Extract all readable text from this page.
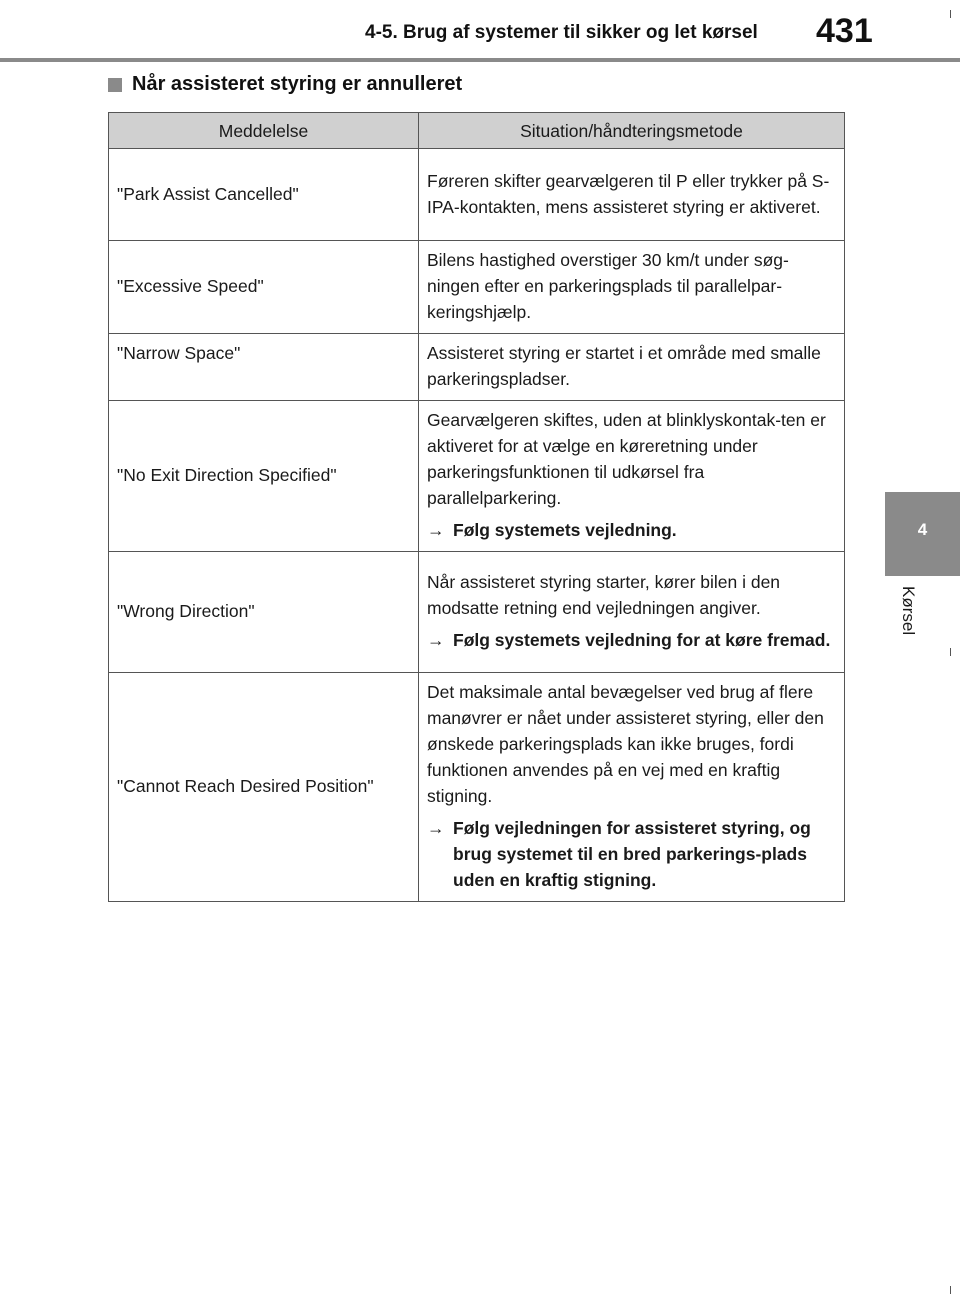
4-5. Brug af systemer til sikker og let kørsel 431
4
Kørsel
Når assisteret styring er annulleret
Meddelelse	Situation/håndteringsmetode
"Park Assist Cancelled"	Føreren skifter gearvælgeren til P eller trykker på S-IPA-kontakten, mens assisteret styring er aktiveret.

"Excessive Speed"	Bilens hastighed overstiger 30 km/t under søg-ningen efter en parkeringsplads til parallelpar-keringshjælp.

"Narrow Space"	Assisteret styring er startet i et område med smalle parkeringspladser.

"No Exit Direction Specified"	Gearvælgeren skiftes, uden at blinklyskontak-ten er aktiveret for at vælge en køreretning under parkeringsfunktionen til udkørsel fra parallelparkering.
→ Følg systemets vejledning.

"Wrong Direction"	Når assisteret styring starter, kører bilen i den modsatte retning end vejledningen angiver.
→ Følg systemets vejledning for at køre fremad.

"Cannot Reach Desired Position"	Det maksimale antal bevægelser ved brug af flere manøvrer er nået under assisteret styring, eller den ønskede parkeringsplads kan ikke bruges, fordi funktionen anvendes på en vej med en kraftig stigning.
→ Følg vejledningen for assisteret styring, og brug systemet til en bred parkerings-plads uden en kraftig stigning.
